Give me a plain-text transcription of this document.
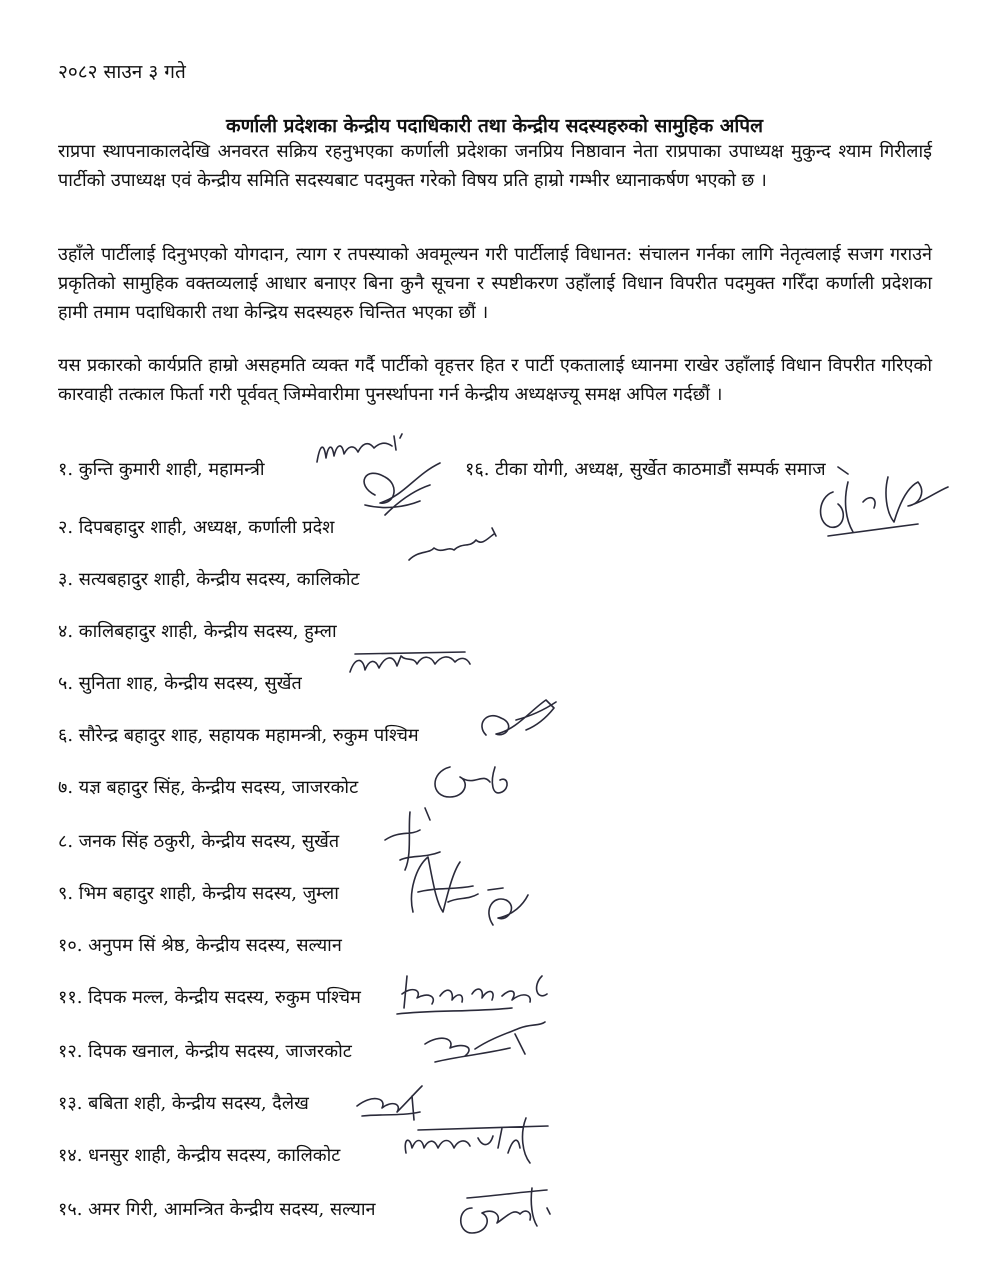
२०८२ साउन ३ गते
कर्णाली प्रदेशका केन्द्रीय पदाधिकारी तथा केन्द्रीय सदस्यहरुको सामुहिक अपिल

राप्रपा स्थापनाकालदेखि अनवरत सक्रिय रहनुभएका कर्णाली प्रदेशका जनप्रिय निष्ठावान नेता राप्रपाका उपाध्यक्ष मुकुन्द श्याम गिरीलाई पार्टीको उपाध्यक्ष एवं केन्द्रीय समिति सदस्यबाट पदमुक्त गरेको विषय प्रति हाम्रो गम्भीर ध्यानाकर्षण भएको छ ।

उहाँले पार्टीलाई दिनुभएको योगदान, त्याग र तपस्याको अवमूल्यन गरी पार्टीलाई विधानत: संचालन गर्नका लागि नेतृत्वलाई सजग गराउने प्रकृतिको सामुहिक वक्तव्यलाई आधार बनाएर बिना कुनै सूचना र स्पष्टीकरण उहाँलाई विधान विपरीत पदमुक्त गरिँदा कर्णाली प्रदेशका हामी तमाम पदाधिकारी तथा केन्द्रिय सदस्यहरु चिन्तित भएका छौं ।

यस प्रकारको कार्यप्रति हाम्रो असहमति व्यक्त गर्दै पार्टीको वृहत्तर हित र पार्टी एकतालाई ध्यानमा राखेर उहाँलाई विधान विपरीत गरिएको कारवाही तत्काल फिर्ता गरी पूर्ववत् जिम्मेवारीमा पुनर्स्थापना गर्न केन्द्रीय अध्यक्षज्यू समक्ष अपिल गर्दछौं ।

१. कुन्ति कुमारी शाही, महामन्त्री
२. दिपबहादुर शाही, अध्यक्ष, कर्णाली प्रदेश
३. सत्यबहादुर शाही, केन्द्रीय सदस्य, कालिकोट
४. कालिबहादुर शाही, केन्द्रीय सदस्य, हुम्ला
५. सुनिता शाह, केन्द्रीय सदस्य, सुर्खेत
६. सौरेन्द्र बहादुर शाह, सहायक महामन्त्री, रुकुम पश्चिम
७. यज्ञ बहादुर सिंह, केन्द्रीय सदस्य, जाजरकोट
८. जनक सिंह ठकुरी, केन्द्रीय सदस्य, सुर्खेत
९. भिम बहादुर शाही, केन्द्रीय सदस्य, जुम्ला
१०. अनुपम सिं श्रेष्ठ, केन्द्रीय सदस्य, सल्यान
११. दिपक मल्ल, केन्द्रीय सदस्य, रुकुम पश्चिम
१२. दिपक खनाल, केन्द्रीय सदस्य, जाजरकोट
१३. बबिता शही, केन्द्रीय सदस्य, दैलेख
१४. धनसुर शाही, केन्द्रीय सदस्य, कालिकोट
१५. अमर गिरी, आमन्त्रित केन्द्रीय सदस्य, सल्यान
१६. टीका योगी, अध्यक्ष, सुर्खेत काठमाडौं सम्पर्क समाज
